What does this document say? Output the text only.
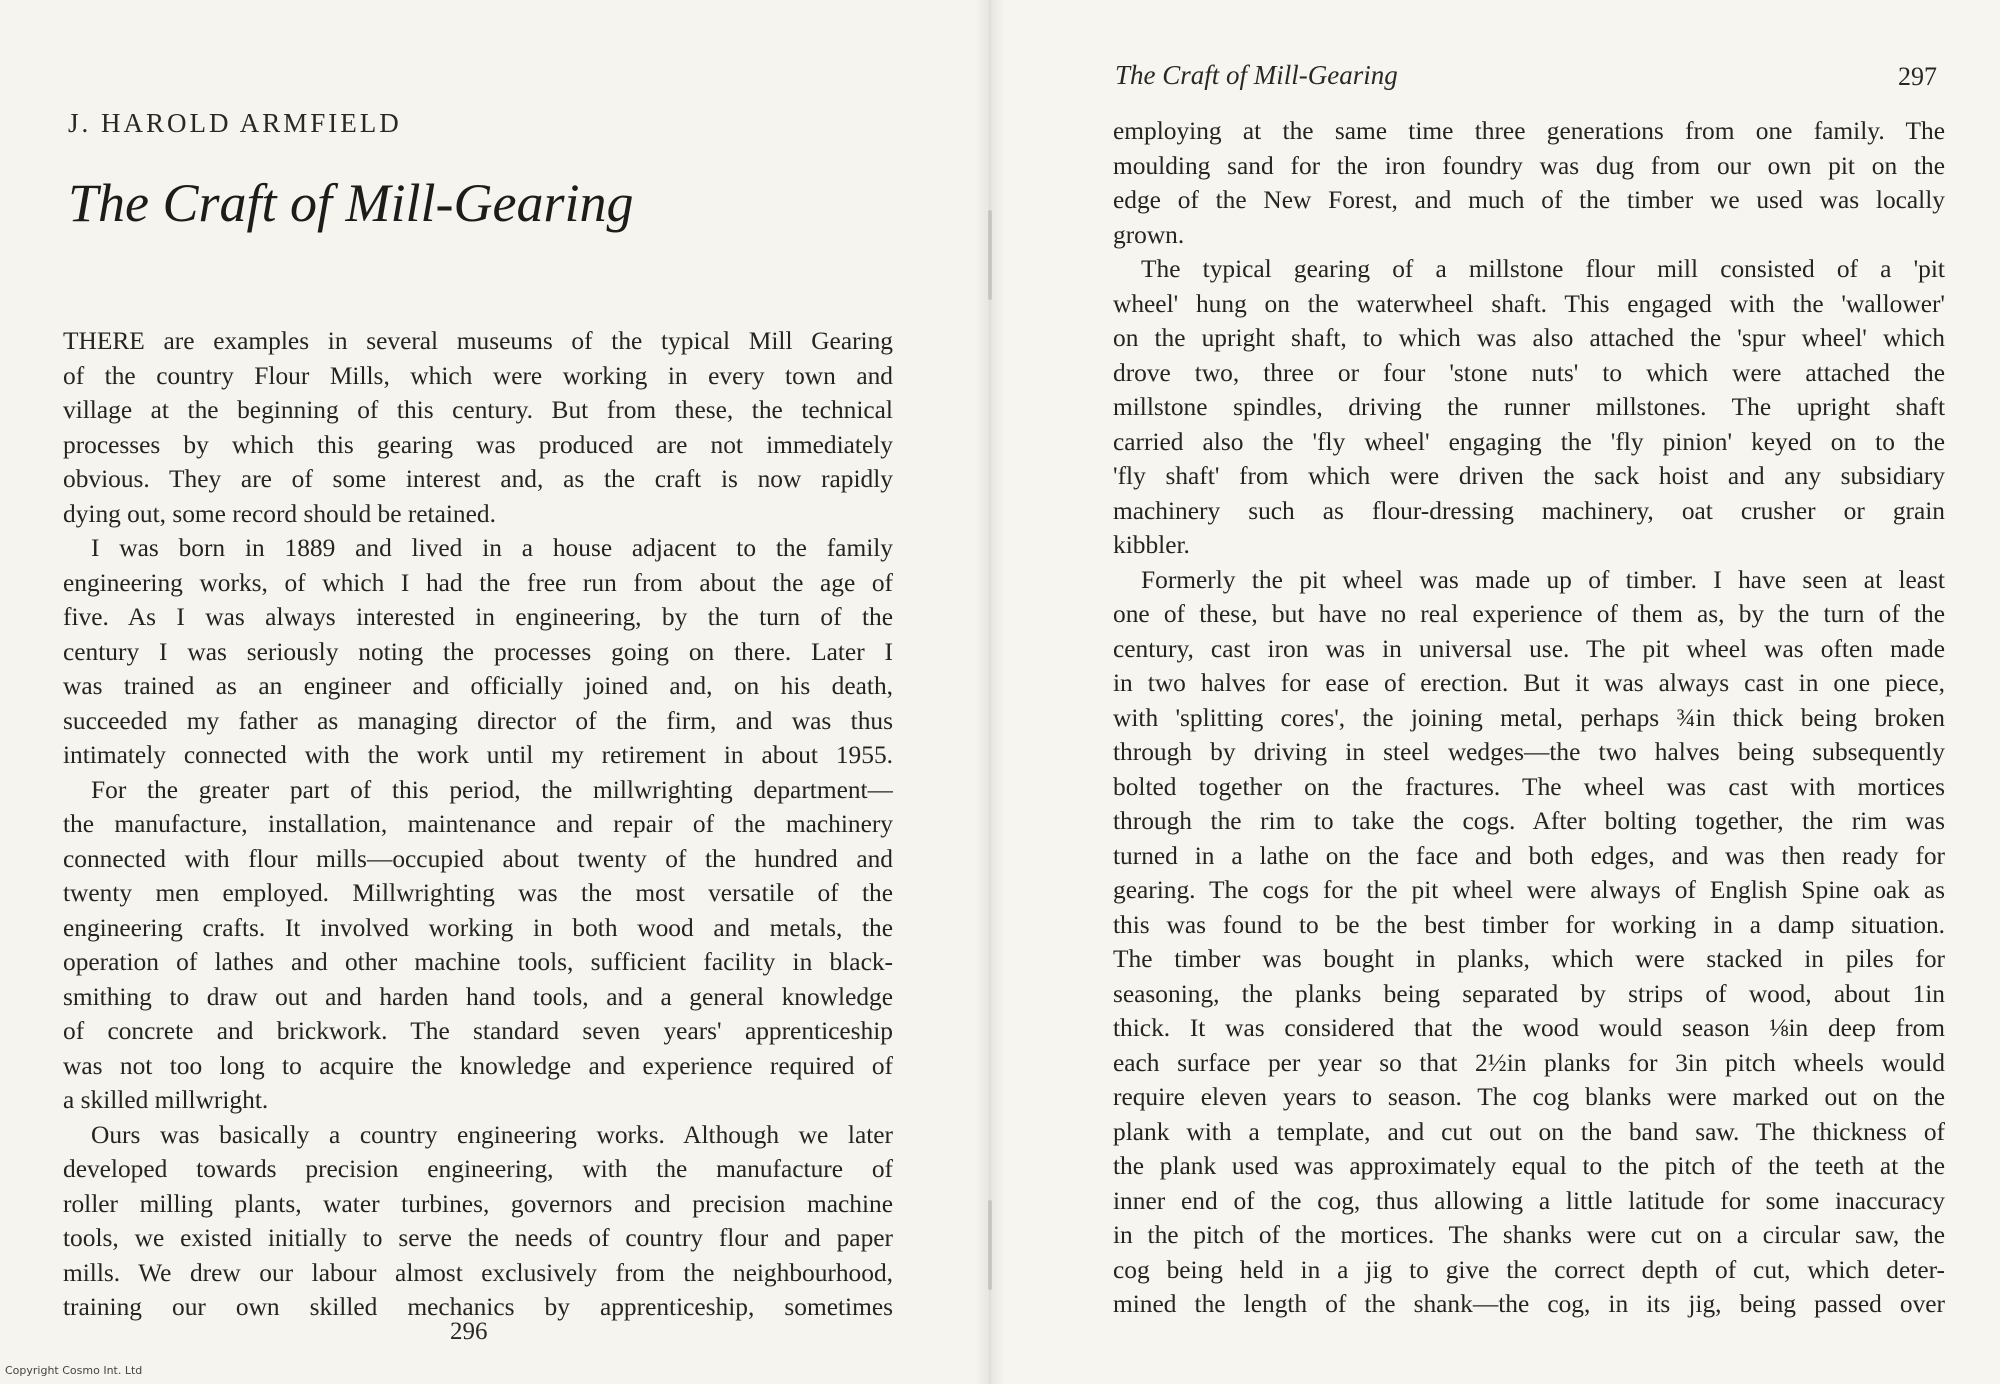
J. HAROLD ARMFIELD
The Craft of Mill-Gearing
THERE are examples in several museums of the typical Mill Gearing
of the country Flour Mills, which were working in every town and
village at the beginning of this century. But from these, the technical
processes by which this gearing was produced are not immediately
obvious. They are of some interest and, as the craft is now rapidly
dying out, some record should be retained.
I was born in 1889 and lived in a house adjacent to the family
engineering works, of which I had the free run from about the age of
five. As I was always interested in engineering, by the turn of the
century I was seriously noting the processes going on there. Later I
was trained as an engineer and officially joined and, on his death,
succeeded my father as managing director of the firm, and was thus
intimately connected with the work until my retirement in about 1955.
For the greater part of this period, the millwrighting department—
the manufacture, installation, maintenance and repair of the machinery
connected with flour mills—occupied about twenty of the hundred and
twenty men employed. Millwrighting was the most versatile of the
engineering crafts. It involved working in both wood and metals, the
operation of lathes and other machine tools, sufficient facility in black-
smithing to draw out and harden hand tools, and a general knowledge
of concrete and brickwork. The standard seven years' apprenticeship
was not too long to acquire the knowledge and experience required of
a skilled millwright.
Ours was basically a country engineering works. Although we later
developed towards precision engineering, with the manufacture of
roller milling plants, water turbines, governors and precision machine
tools, we existed initially to serve the needs of country flour and paper
mills. We drew our labour almost exclusively from the neighbourhood,
training our own skilled mechanics by apprenticeship, sometimes
296
The Craft of Mill-Gearing	297
employing at the same time three generations from one family. The
moulding sand for the iron foundry was dug from our own pit on the
edge of the New Forest, and much of the timber we used was locally
grown.
The typical gearing of a millstone flour mill consisted of a 'pit
wheel' hung on the waterwheel shaft. This engaged with the 'wallower'
on the upright shaft, to which was also attached the 'spur wheel' which
drove two, three or four 'stone nuts' to which were attached the
millstone spindles, driving the runner millstones. The upright shaft
carried also the 'fly wheel' engaging the 'fly pinion' keyed on to the
'fly shaft' from which were driven the sack hoist and any subsidiary
machinery such as flour-dressing machinery, oat crusher or grain
kibbler.
Formerly the pit wheel was made up of timber. I have seen at least
one of these, but have no real experience of them as, by the turn of the
century, cast iron was in universal use. The pit wheel was often made
in two halves for ease of erection. But it was always cast in one piece,
with 'splitting cores', the joining metal, perhaps ¾in thick being broken
through by driving in steel wedges—the two halves being subsequently
bolted together on the fractures. The wheel was cast with mortices
through the rim to take the cogs. After bolting together, the rim was
turned in a lathe on the face and both edges, and was then ready for
gearing. The cogs for the pit wheel were always of English Spine oak as
this was found to be the best timber for working in a damp situation.
The timber was bought in planks, which were stacked in piles for
seasoning, the planks being separated by strips of wood, about 1in
thick. It was considered that the wood would season ⅛in deep from
each surface per year so that 2½in planks for 3in pitch wheels would
require eleven years to season. The cog blanks were marked out on the
plank with a template, and cut out on the band saw. The thickness of
the plank used was approximately equal to the pitch of the teeth at the
inner end of the cog, thus allowing a little latitude for some inaccuracy
in the pitch of the mortices. The shanks were cut on a circular saw, the
cog being held in a jig to give the correct depth of cut, which deter-
mined the length of the shank—the cog, in its jig, being passed over
Copyright Cosmo Int. Ltd
